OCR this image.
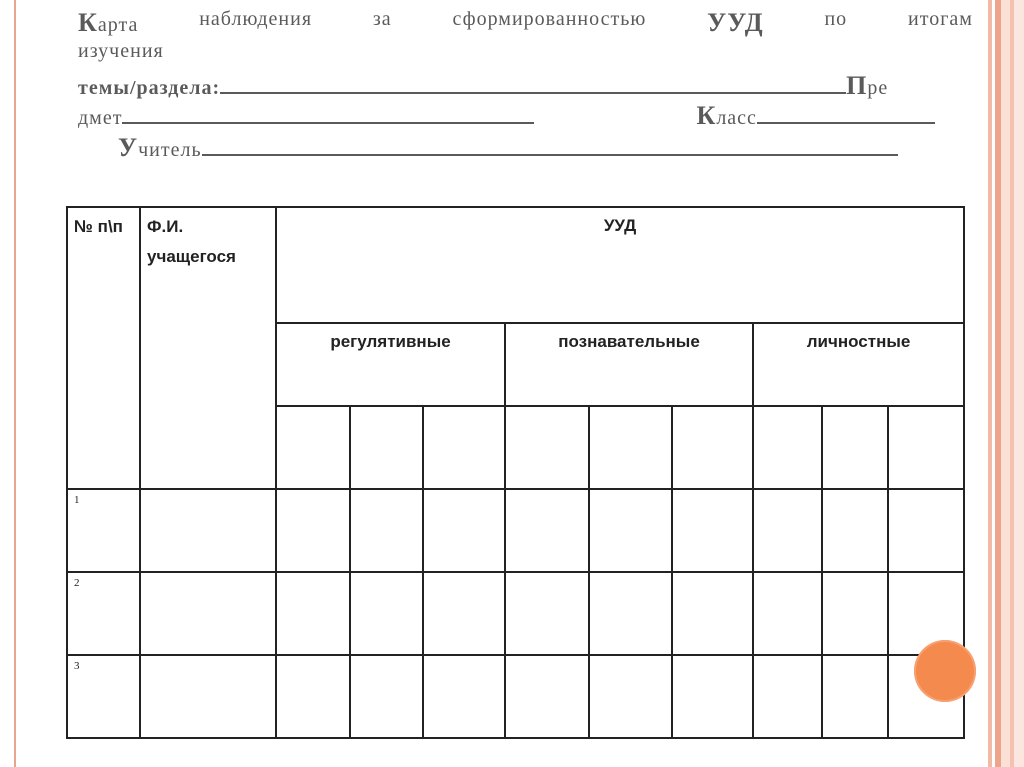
Карта	наблюдения	за	сформированностью УУД	по	итогам
изучения
темы/раздела:	Пре
дмет	Класс
Учитель
№ п\п	Ф.И. учащегося	УУД								
		регулятивные			познавательные			личностные		

1										
2										
3										
